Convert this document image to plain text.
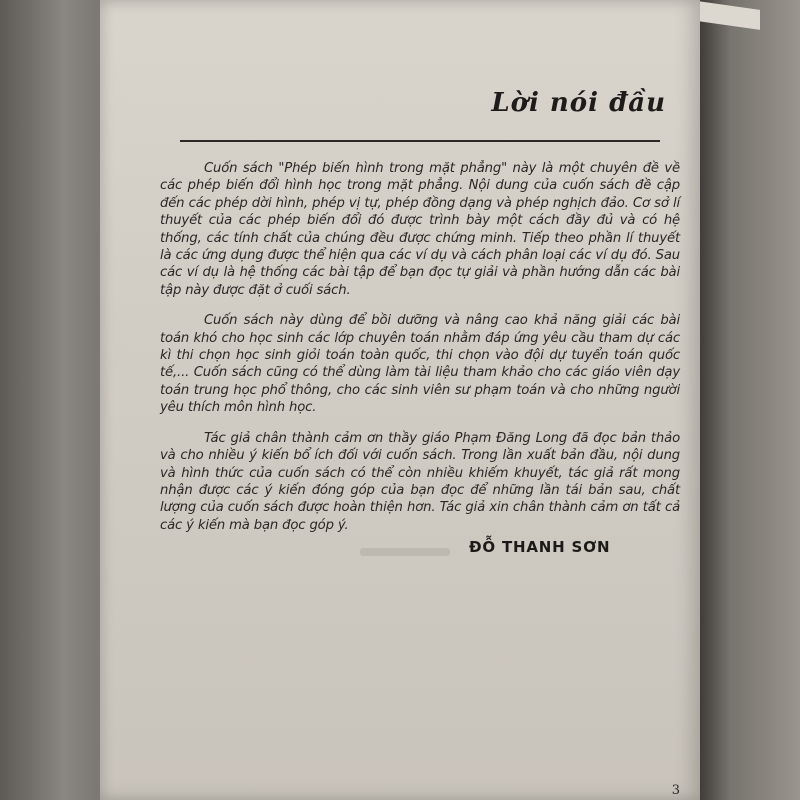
Lời nói đầu

Cuốn sách "Phép biến hình trong mặt phẳng" này là một chuyên đề về các phép biến đổi hình học trong mặt phẳng. Nội dung của cuốn sách đề cập đến các phép dời hình, phép vị tự, phép đồng dạng và phép nghịch đảo. Cơ sở lí thuyết của các phép biến đổi đó được trình bày một cách đầy đủ và có hệ thống, các tính chất của chúng đều được chứng minh. Tiếp theo phần lí thuyết là các ứng dụng được thể hiện qua các ví dụ và cách phân loại các ví dụ đó. Sau các ví dụ là hệ thống các bài tập để bạn đọc tự giải và phần hướng dẫn các bài tập này được đặt ở cuối sách.

Cuốn sách này dùng để bồi dưỡng và nâng cao khả năng giải các bài toán khó cho học sinh các lớp chuyên toán nhằm đáp ứng yêu cầu tham dự các kì thi chọn học sinh giỏi toán toàn quốc, thi chọn vào đội dự tuyển toán quốc tế,... Cuốn sách cũng có thể dùng làm tài liệu tham khảo cho các giáo viên dạy toán trung học phổ thông, cho các sinh viên sư phạm toán và cho những người yêu thích môn hình học.

Tác giả chân thành cảm ơn thầy giáo Phạm Đăng Long đã đọc bản thảo và cho nhiều ý kiến bổ ích đối với cuốn sách. Trong lần xuất bản đầu, nội dung và hình thức của cuốn sách có thể còn nhiều khiếm khuyết, tác giả rất mong nhận được các ý kiến đóng góp của bạn đọc để những lần tái bản sau, chất lượng của cuốn sách được hoàn thiện hơn. Tác giả xin chân thành cảm ơn tất cả các ý kiến mà bạn đọc góp ý.

ĐỖ THANH SƠN
3
